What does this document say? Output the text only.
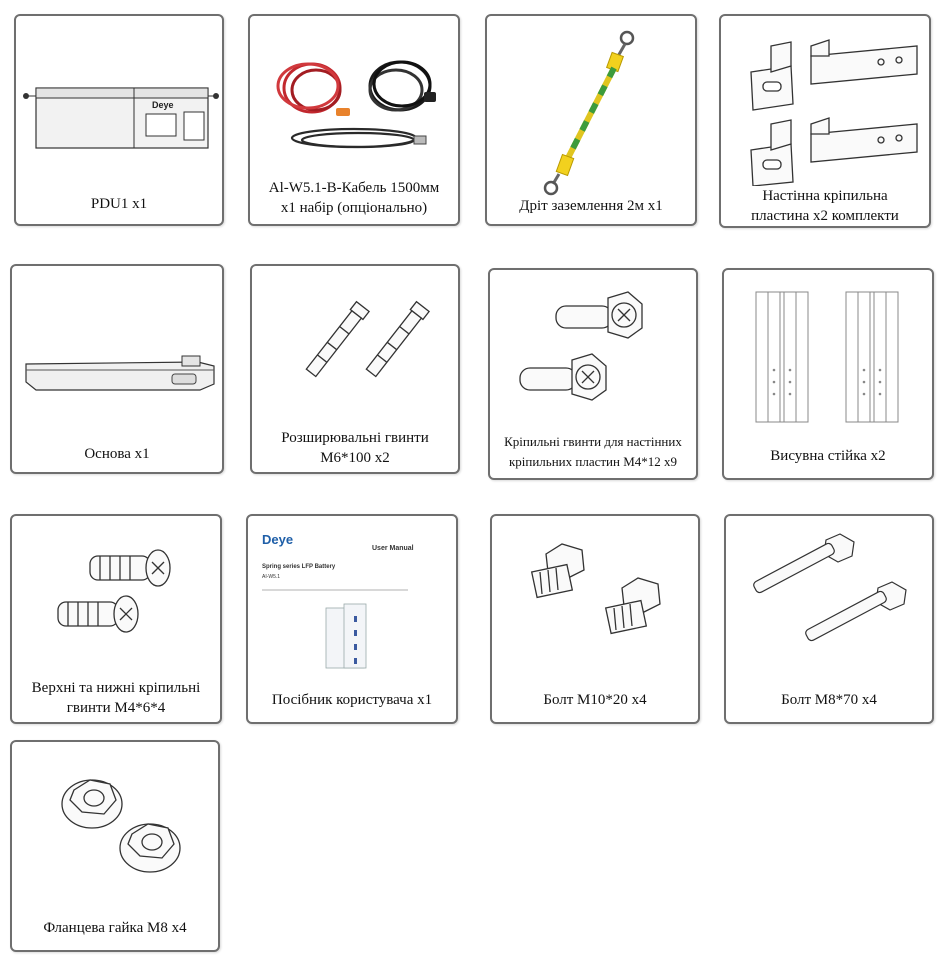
Deye
PDU1 x1
Al-W5.1-B-Кабель 1500мм
x1 набір (опціонально)	Дріт заземлення 2м x1
Настінна кріпильна
пластина x2 комплекти
Основа x1
Розширювальні гвинти
M6*100 x2
Кріпильні гвинти для настінних
кріпильних пластин M4*12 x9	Висувна стійка x2
Верхні та нижні кріпильні
гвинти M4*6*4
Deye
User Manual
Spring series LFP Battery
AI-W5.1
Посібник користувача x1	Болт M10*20 x4	Болт M8*70 x4
Фланцева гайка M8 x4
